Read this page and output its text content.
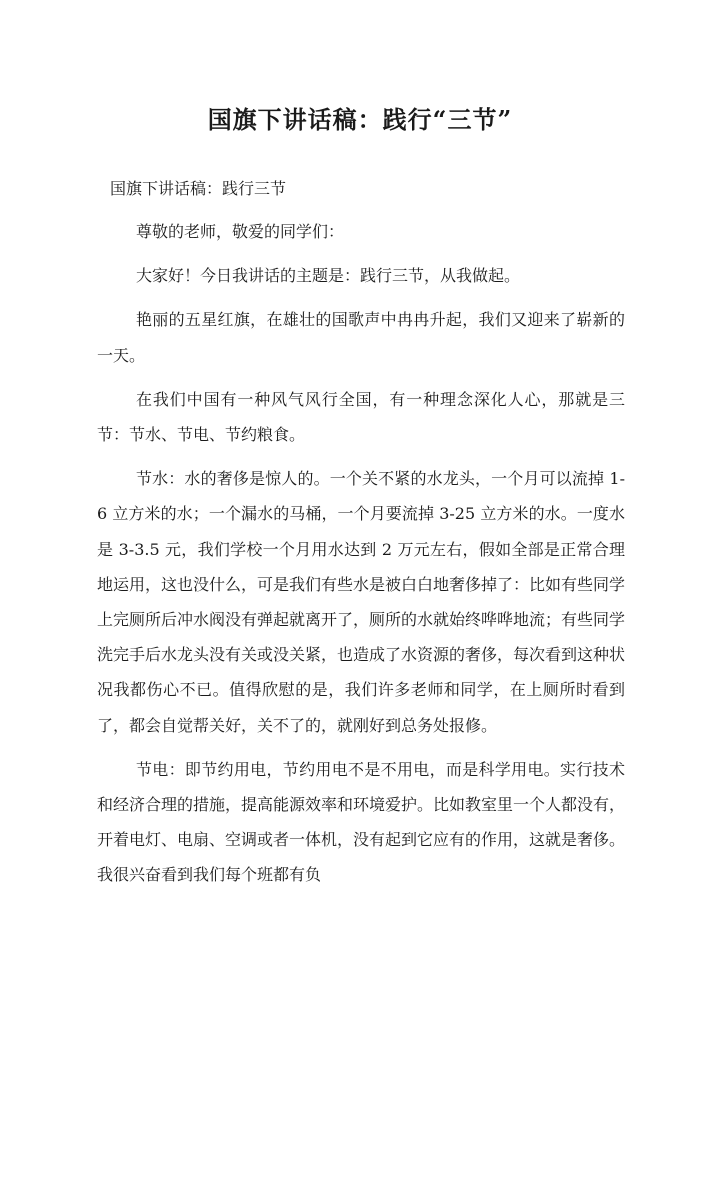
国旗下讲话稿：践行“三节”
国旗下讲话稿：践行三节

尊敬的老师，敬爱的同学们：

大家好！今日我讲话的主题是：践行三节，从我做起。

艳丽的五星红旗，在雄壮的国歌声中冉冉升起，我们又迎来了崭新的一天。

在我们中国有一种风气风行全国，有一种理念深化人心，那就是三节：节水、节电、节约粮食。

节水：水的奢侈是惊人的。一个关不紧的水龙头，一个月可以流掉 1-6 立方米的水；一个漏水的马桶，一个月要流掉 3-25 立方米的水。一度水是 3-3.5 元，我们学校一个月用水达到 2 万元左右，假如全部是正常合理地运用，这也没什么，可是我们有些水是被白白地奢侈掉了：比如有些同学上完厕所后冲水阀没有弹起就离开了，厕所的水就始终哗哗地流；有些同学洗完手后水龙头没有关或没关紧，也造成了水资源的奢侈，每次看到这种状况我都伤心不已。值得欣慰的是，我们许多老师和同学，在上厕所时看到了，都会自觉帮关好，关不了的，就刚好到总务处报修。

节电：即节约用电，节约用电不是不用电，而是科学用电。实行技术和经济合理的措施，提高能源效率和环境爱护。比如教室里一个人都没有，开着电灯、电扇、空调或者一体机，没有起到它应有的作用，这就是奢侈。我很兴奋看到我们每个班都有负
